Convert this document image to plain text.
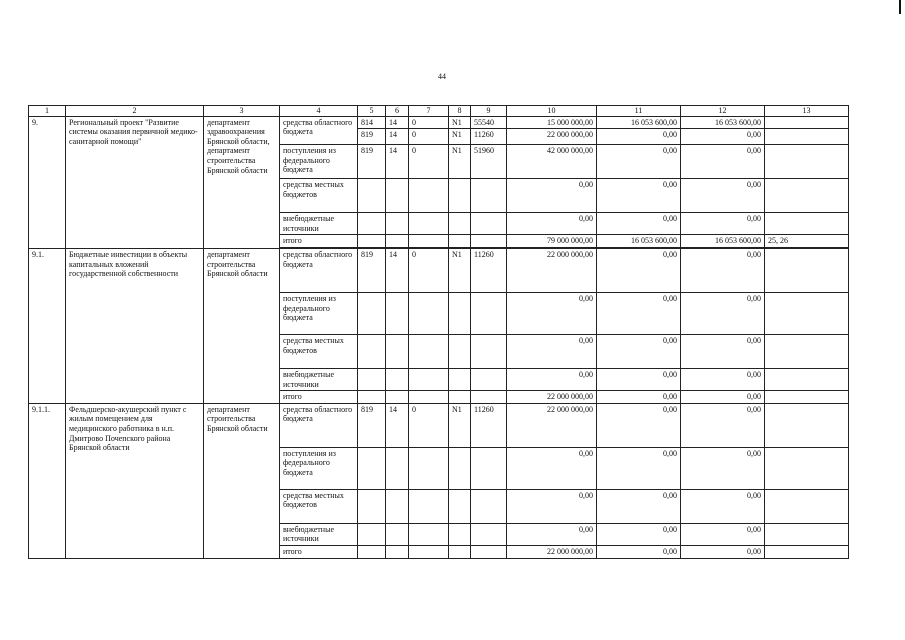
44
1	2	3	4	5	6	7	8	9	10	11	12	13
9.	Региональный проект "Развитие системы оказания первичной медико-санитарной помощи"	департамент здравоохранения Брянской области, департамент строительства Брянской области	средства областного бюджета	814	14	0	N1	55540	15 000 000,00	16 053 600,00	16 053 600,00	
				819	14	0	N1	11260	22 000 000,00	0,00	0,00	
			поступления из федерального бюджета	819	14	0	N1	51960	42 000 000,00	0,00	0,00	
			средства местных бюджетов						0,00	0,00	0,00	
			внебюджетные источники						0,00	0,00	0,00	
			итого						79 000 000,00	16 053 600,00	16 053 600,00	25, 26

9.1.	Бюджетные инвестиции в объекты капитальных вложений государственной собственности	департамент строительства Брянской области	средства областного бюджета	819	14	0	N1	11260	22 000 000,00	0,00	0,00	
			поступления из федерального бюджета						0,00	0,00	0,00	
			средства местных бюджетов						0,00	0,00	0,00	
			внебюджетные источники						0,00	0,00	0,00	
			итого						22 000 000,00	0,00	0,00	
9.1.1.	Фельдшерско-акушерский пункт с жилым помещением для медицинского работника в н.п. Дмитрово Почепского района Брянской области	департамент строительства Брянской области	средства областного бюджета	819	14	0	N1	11260	22 000 000,00	0,00	0,00	
			поступления из федерального бюджета						0,00	0,00	0,00	
			средства местных бюджетов						0,00	0,00	0,00	
			внебюджетные источники						0,00	0,00	0,00	
			итого						22 000 000,00	0,00	0,00	
